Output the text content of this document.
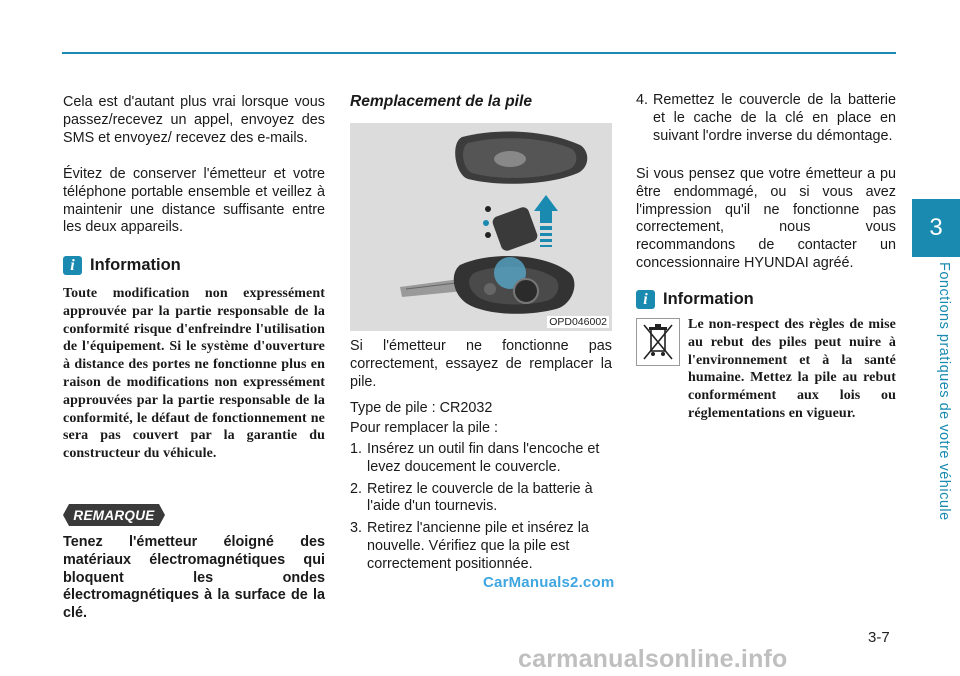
3
Fonctions pratiques de votre véhicule
Cela est d'autant plus vrai lorsque vous passez/recevez un appel, envoyez des SMS et envoyez/ recevez des e-mails.
Évitez de conserver l'émetteur et votre téléphone portable ensemble et veillez à maintenir une distance suffisante entre les deux appareils.
i Information
Toute modification non expressément approuvée par la partie responsable de la conformité risque d'enfreindre l'utilisation de l'équipement. Si le système d'ouverture à distance des portes ne fonctionne plus en raison de modifications non expressément approuvées par la partie responsable de la conformité, le défaut de fonctionnement ne sera pas couvert par la garantie du constructeur du véhicule.
REMARQUE
Tenez l'émetteur éloigné des matériaux électromagnétiques qui bloquent les ondes électromagnétiques à la surface de la clé.
Remplacement de la pile
OPD046002
Si l'émetteur ne fonctionne pas correctement, essayez de remplacer la pile.
Type de pile : CR2032
Pour remplacer la pile :
1. Insérez un outil fin dans l'encoche et levez doucement le couvercle.
2. Retirez le couvercle de la batterie à l'aide d'un tournevis.
3. Retirez l'ancienne pile et insérez la nouvelle. Vérifiez que la pile est correctement positionnée.
4. Remettez le couvercle de la batterie et le cache de la clé en place en suivant l'ordre inverse du démontage.
Si vous pensez que votre émetteur a pu être endommagé, ou si vous avez l'impression qu'il ne fonctionne pas correctement, nous vous recommandons de contacter un concessionnaire HYUNDAI agréé.
i Information
Le non-respect des règles de mise au rebut des piles peut nuire à l'environnement et à la santé humaine. Mettez la pile au rebut conformément aux lois ou réglementations en vigueur.
CarManuals2.com
3-7
carmanualsonline.info
